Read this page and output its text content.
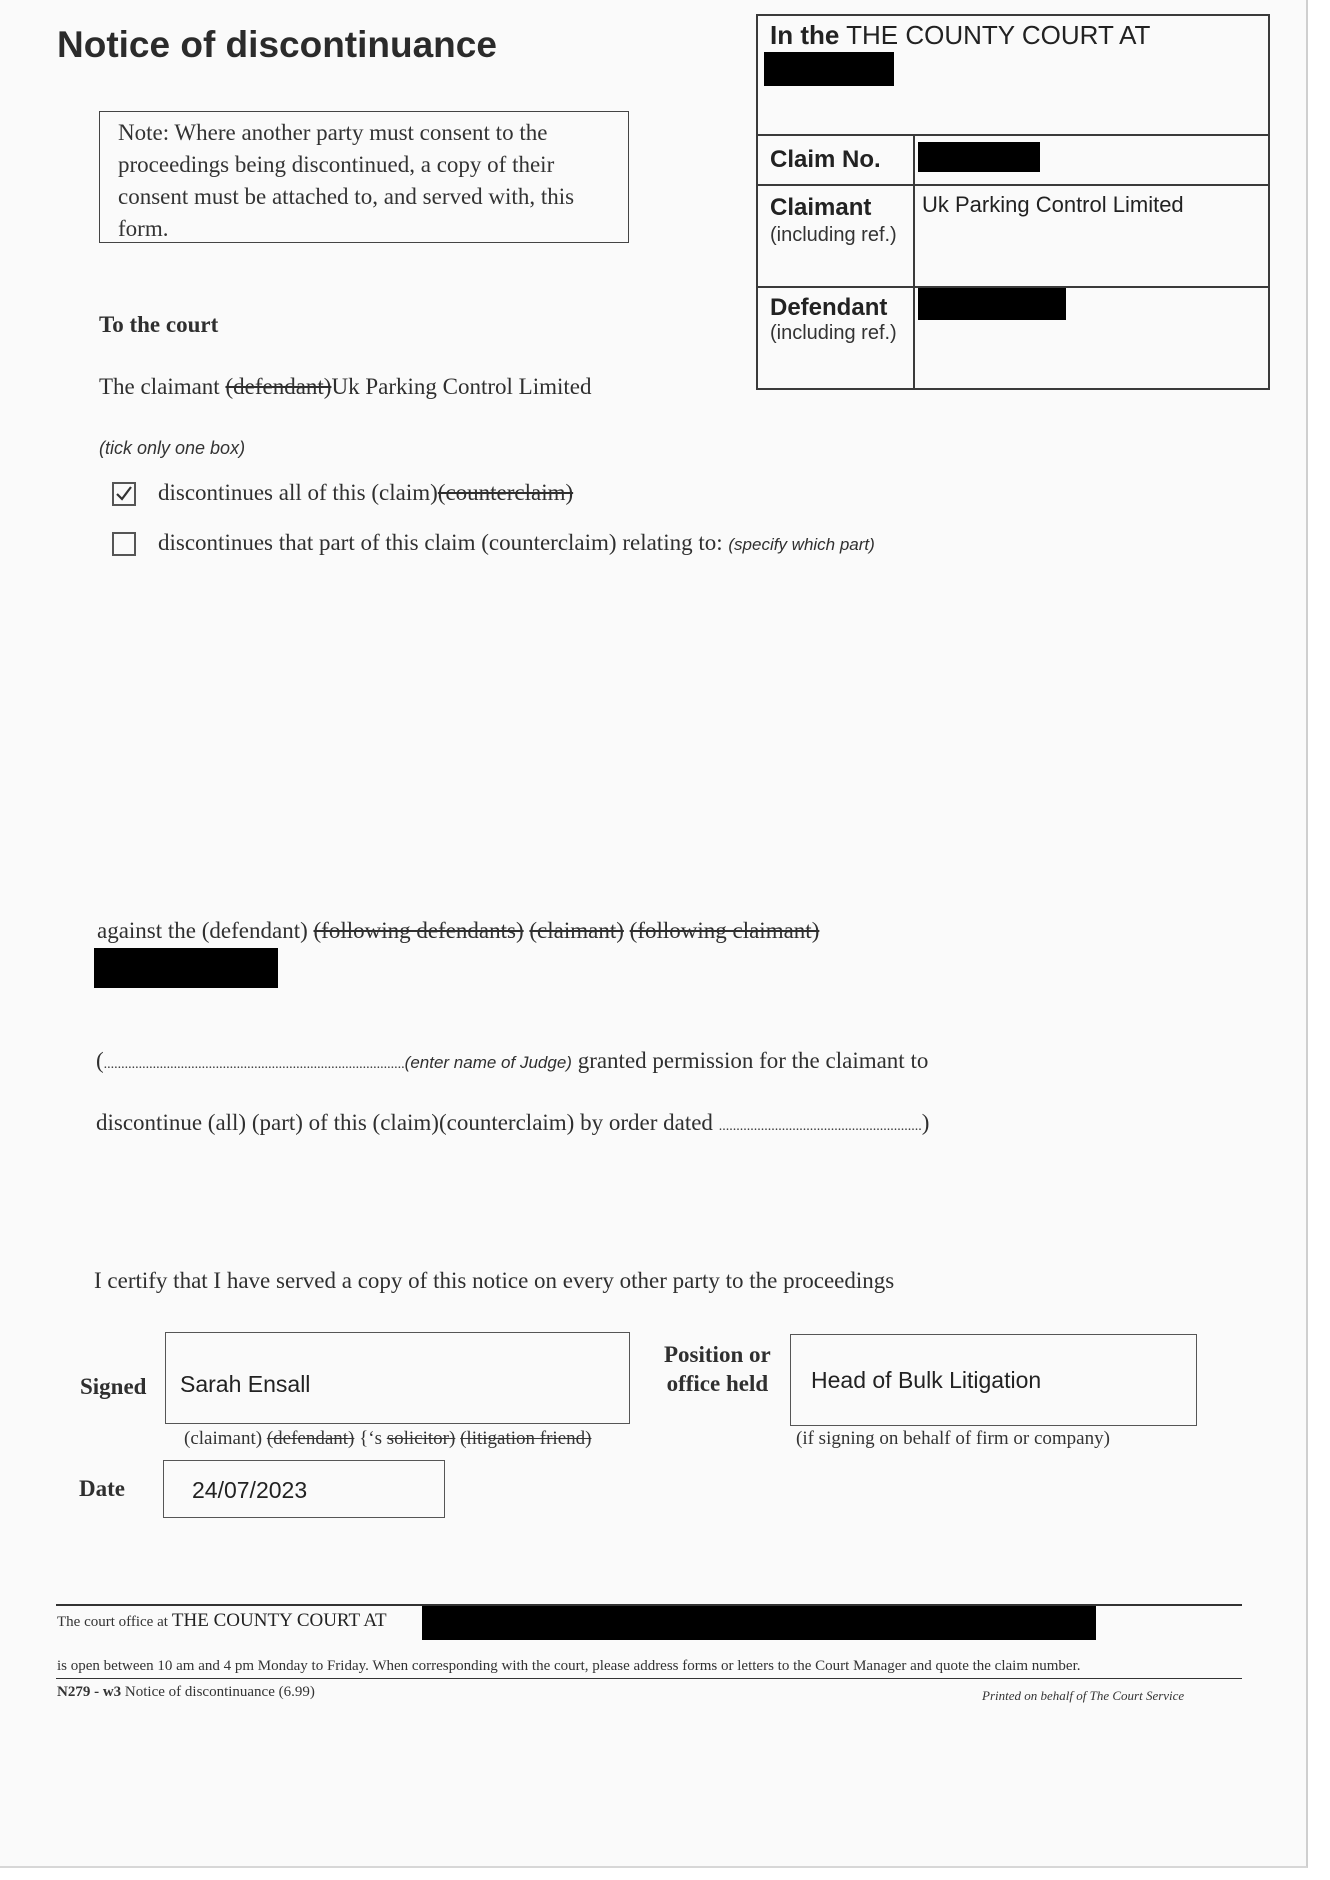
Notice of discontinuance
Note: Where another party must consent to the proceedings being discontinued, a copy of their consent must be attached to, and served with, this form.
In the THE COUNTY COURT AT
Claim No.
Claimant
(including ref.)
Uk Parking Control Limited
Defendant
(including ref.)
To the court
The claimant (defendant)Uk Parking Control Limited
(tick only one box)
discontinues all of this (claim)(counterclaim)
discontinues that part of this claim (counterclaim) relating to: (specify which part)
against the (defendant) (following defendants) (claimant) (following claimant)
(......................................................................................(enter name of Judge) granted permission for the claimant to
discontinue (all) (part) of this (claim)(counterclaim) by order dated ..........................................................)
I certify that I have served a copy of this notice on every other party to the proceedings
Signed Sarah Ensall
(claimant) (defendant) {‘s solicitor) (litigation friend)
Position or
office held Head of Bulk Litigation
(if signing on behalf of firm or company)
Date	24/07/2023
The court office at THE COUNTY COURT AT
is open between 10 am and 4 pm Monday to Friday. When corresponding with the court, please address forms or letters to the Court Manager and quote the claim number.
N279 - w3 Notice of discontinuance (6.99)	Printed on behalf of The Court Service
